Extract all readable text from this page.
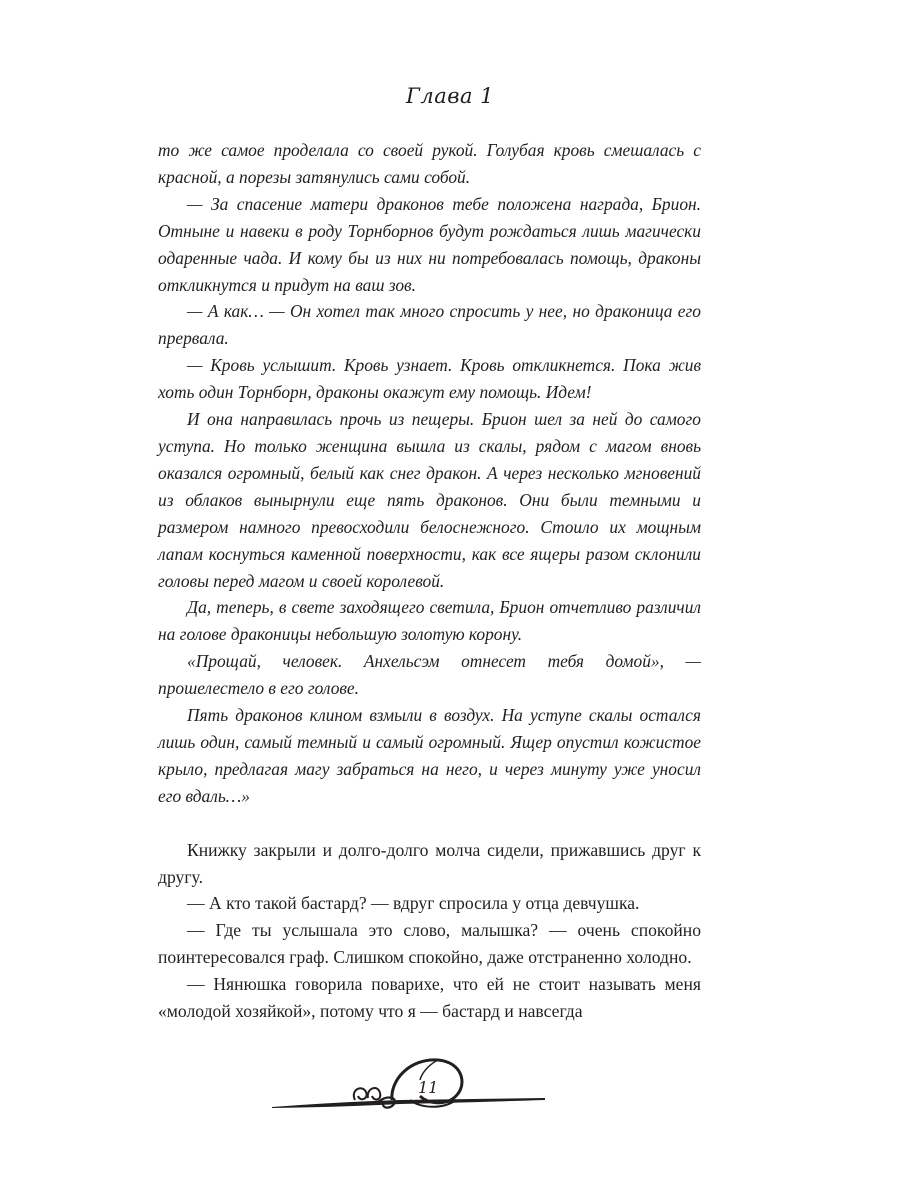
Глава 1

то же самое проделала со своей рукой. Голубая кровь смешалась с красной, а порезы затянулись сами собой.

— За спасение матери драконов тебе положена награда, Брион. Отныне и навеки в роду Торнборнов будут рождаться лишь магически одаренные чада. И кому бы из них ни потребовалась помощь, драконы откликнутся и придут на ваш зов.

— А как… — Он хотел так много спросить у нее, но драконица его прервала.

— Кровь услышит. Кровь узнает. Кровь откликнется. Пока жив хоть один Торнборн, драконы окажут ему помощь. Идем!

И она направилась прочь из пещеры. Брион шел за ней до самого уступа. Но только женщина вышла из скалы, рядом с магом вновь оказался огромный, белый как снег дракон. А через несколько мгновений из облаков вынырнули еще пять драконов. Они были темными и размером намного превосходили белоснежного. Стоило их мощным лапам коснуться каменной поверхности, как все ящеры разом склонили головы перед магом и своей королевой.

Да, теперь, в свете заходящего светила, Брион отчетливо различил на голове драконицы небольшую золотую корону.

«Прощай, человек. Анхельсэм отнесет тебя домой», — прошелестело в его голове.

Пять драконов клином взмыли в воздух. На уступе скалы остался лишь один, самый темный и самый огромный. Ящер опустил кожистое крыло, предлагая магу забраться на него, и через минуту уже уносил его вдаль…»

Книжку закрыли и долго-долго молча сидели, прижавшись друг к другу.

— А кто такой бастард? — вдруг спросила у отца девчушка.

— Где ты услышала это слово, малышка? — очень спокойно поинтересовался граф. Слишком спокойно, даже отстраненно холодно.

— Нянюшка говорила поварихе, что ей не стоит называть меня «молодой хозяйкой», потому что я — бастард и навсегда

11
